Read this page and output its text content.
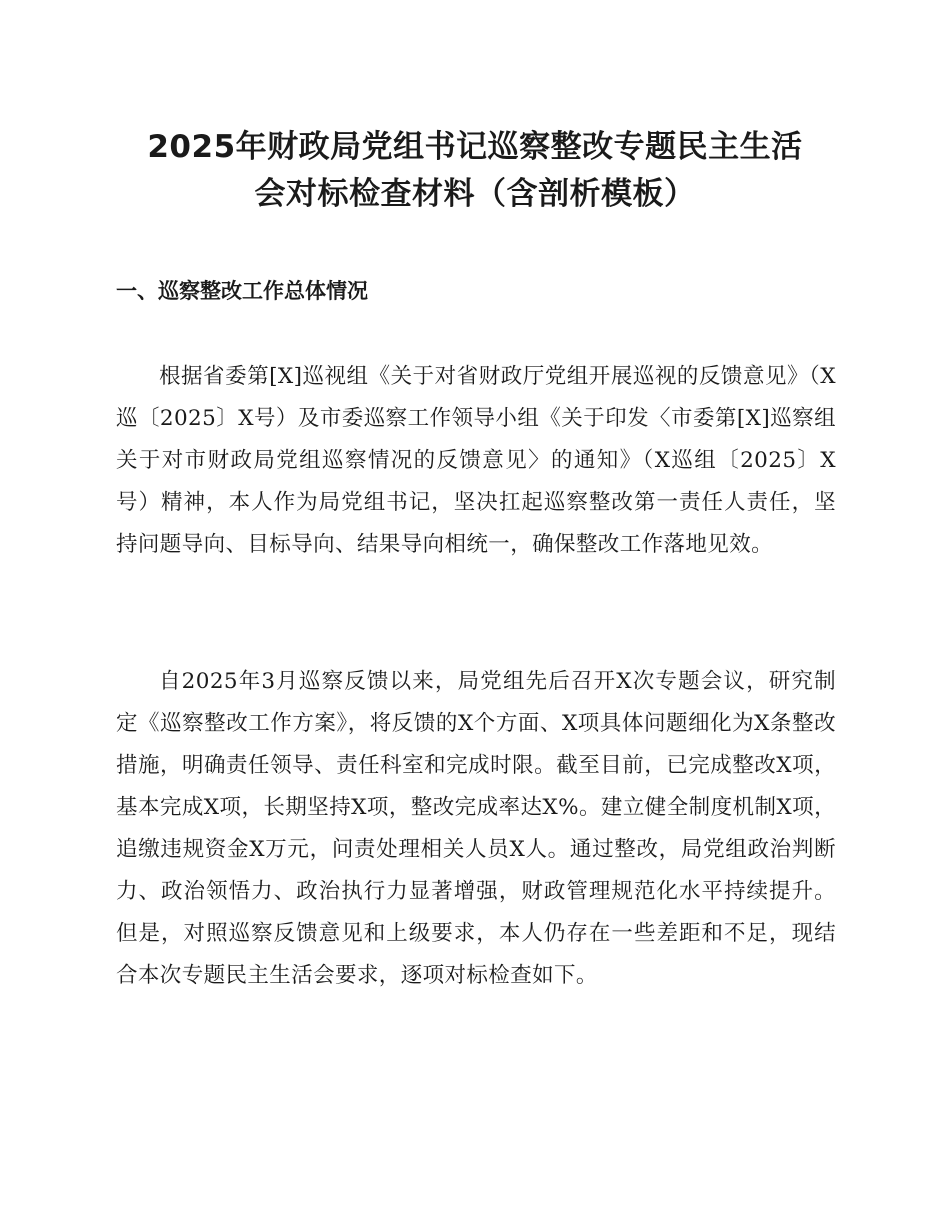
2025年财政局党组书记巡察整改专题民主生活
会对标检查材料（含剖析模板）
一、巡察整改工作总体情况

根据省委第[X]巡视组《关于对省财政厅党组开展巡视的反馈意见》（X巡〔2025〕X号）及市委巡察工作领导小组《关于印发〈市委第[X]巡察组关于对市财政局党组巡察情况的反馈意见〉的通知》（X巡组〔2025〕X号）精神，本人作为局党组书记，坚决扛起巡察整改第一责任人责任，坚持问题导向、目标导向、结果导向相统一，确保整改工作落地见效。

自2025年3月巡察反馈以来，局党组先后召开X次专题会议，研究制定《巡察整改工作方案》，将反馈的X个方面、X项具体问题细化为X条整改措施，明确责任领导、责任科室和完成时限。截至目前，已完成整改X项，基本完成X项，长期坚持X项，整改完成率达X%。建立健全制度机制X项，追缴违规资金X万元，问责处理相关人员X人。通过整改，局党组政治判断力、政治领悟力、政治执行力显著增强，财政管理规范化水平持续提升。但是，对照巡察反馈意见和上级要求，本人仍存在一些差距和不足，现结合本次专题民主生活会要求，逐项对标检查如下。
